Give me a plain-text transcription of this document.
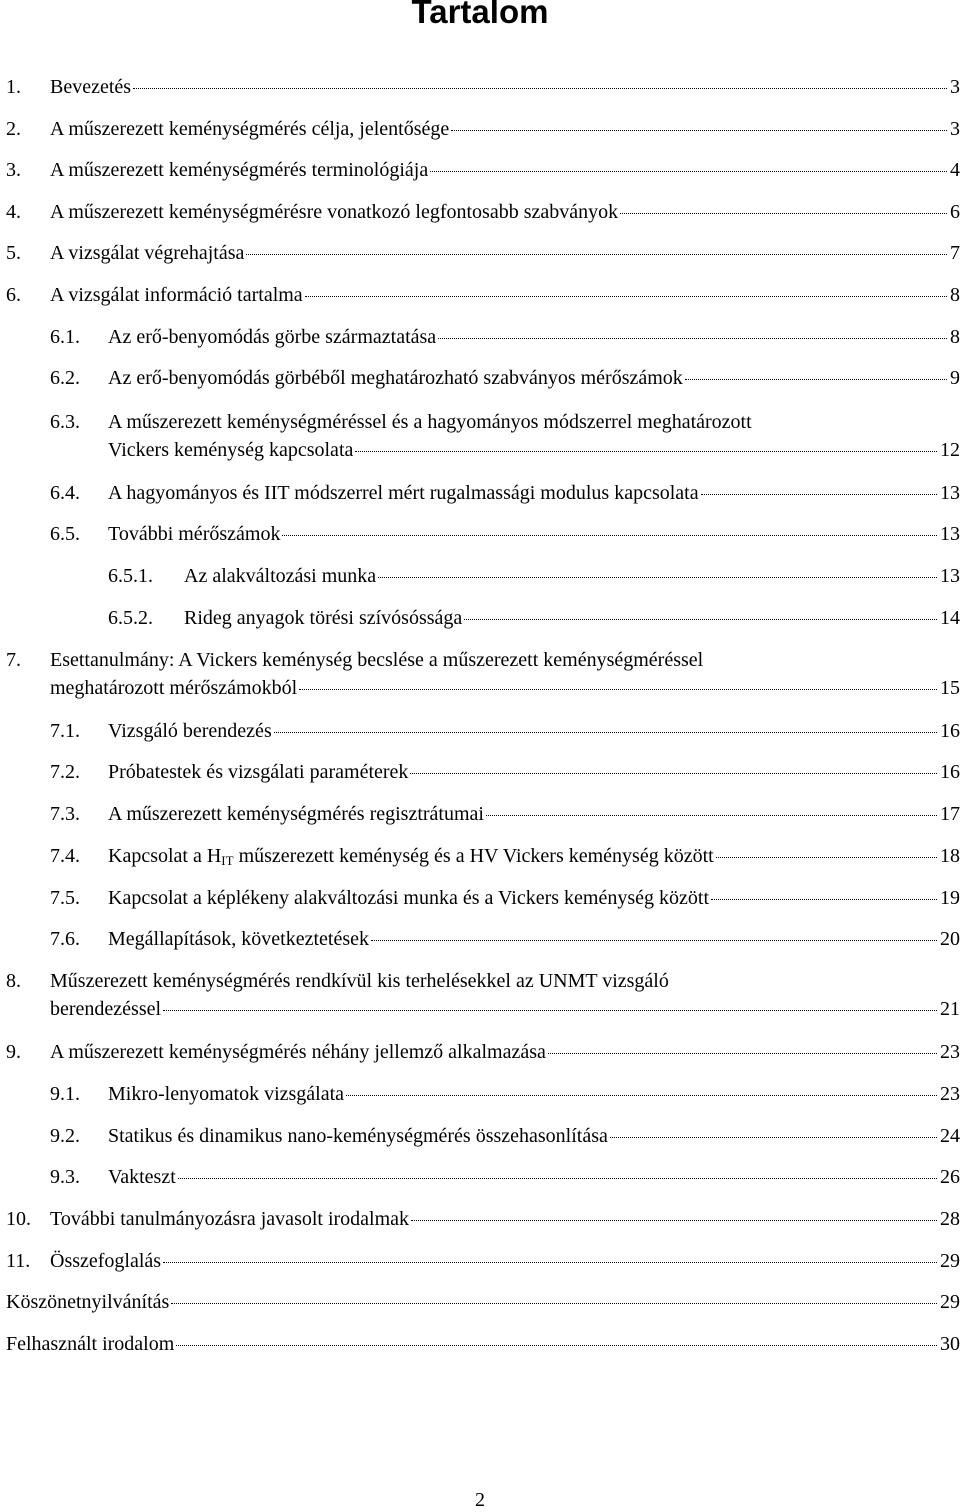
Tartalom
1. Bevezetés	3
2. A műszerezett keménységmérés célja, jelentősége	3
3. A műszerezett keménységmérés terminológiája	4
4. A műszerezett keménységmérésre vonatkozó legfontosabb szabványok	6
5. A vizsgálat végrehajtása	7
6. A vizsgálat információ tartalma	8
6.1. Az erő-benyomódás görbe származtatása	8
6.2. Az erő-benyomódás görbéből meghatározható szabványos mérőszámok	9
6.3. A műszerezett keménységméréssel és a hagyományos módszerrel meghatározott
Vickers keménység kapcsolata	12
6.4. A hagyományos és IIT módszerrel mért rugalmassági modulus kapcsolata	13
6.5. További mérőszámok	13
6.5.1. Az alakváltozási munka	13
6.5.2. Rideg anyagok törési szívósóssága	14
7. Esettanulmány: A Vickers keménység becslése a műszerezett keménységméréssel
meghatározott mérőszámokból	15
7.1. Vizsgáló berendezés	16
7.2. Próbatestek és vizsgálati paraméterek	16
7.3. A műszerezett keménységmérés regisztrátumai	17
7.4. Kapcsolat a $H_{IT}$ műszerezett keménység és a HV Vickers keménység között	18
7.5. Kapcsolat a képlékeny alakváltozási munka és a Vickers keménység között	19
7.6. Megállapítások, következtetések	20
8. Műszerezett keménységmérés rendkívül kis terhelésekkel az UNMT vizsgáló
berendezéssel	21
9. A műszerezett keménységmérés néhány jellemző alkalmazása	23
9.1. Mikro-lenyomatok vizsgálata	23
9.2. Statikus és dinamikus nano-keménységmérés összehasonlítása	24
9.3. Vakteszt	26
10. További tanulmányozásra javasolt irodalmak	28
11. Összefoglalás	29
Köszönetnyilvánítás	29
Felhasznált irodalom	30
2
